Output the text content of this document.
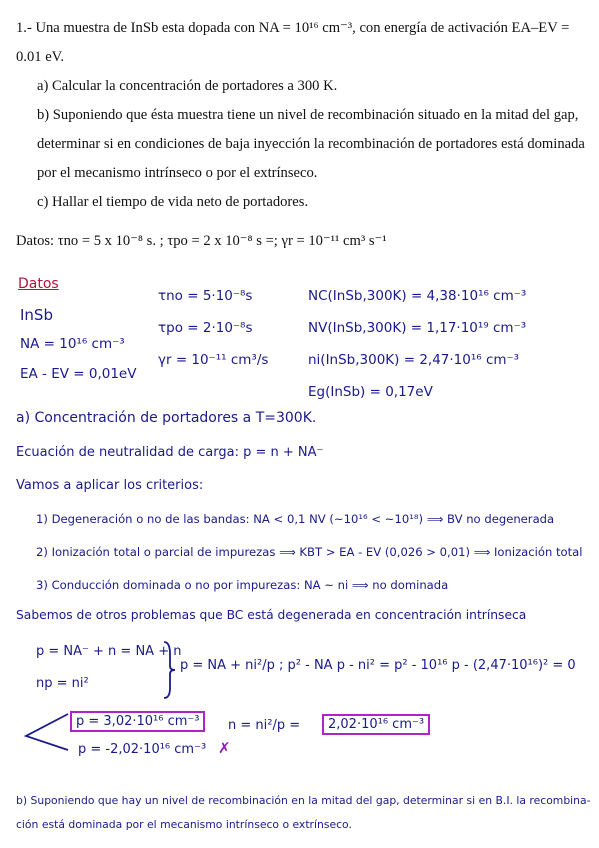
1.- Una muestra de InSb esta dopada con NA = 10¹⁶ cm⁻³, con energía de activación EA–EV = 0.01 eV.

a) Calcular la concentración de portadores a 300 K.

b) Suponiendo que ésta muestra tiene un nivel de recombinación situado en la mitad del gap, determinar si en condiciones de baja inyección la recombinación de portadores está dominada por el mecanismo intrínseco o por el extrínseco.

c) Hallar el tiempo de vida neto de portadores.

Datos: τno = 5 x 10⁻⁸ s. ; τpo = 2 x 10⁻⁸ s =; γr = 10⁻¹¹ cm³ s⁻¹
Datos
InSb
NA = 10¹⁶ cm⁻³
EA - EV = 0,01eV
τno = 5·10⁻⁸s
τpo = 2·10⁻⁸s
γr = 10⁻¹¹ cm³/s
NC(InSb,300K) = 4,38·10¹⁶ cm⁻³
NV(InSb,300K) = 1,17·10¹⁹ cm⁻³
ni(InSb,300K) = 2,47·10¹⁶ cm⁻³
Eg(InSb) = 0,17eV
a) Concentración de portadores a T=300K.
Ecuación de neutralidad de carga: p = n + NA⁻
Vamos a aplicar los criterios:
1) Degeneración o no de las bandas: NA < 0,1 NV (~10¹⁶ < ~10¹⁸) ⟹ BV no degenerada
2) Ionización total o parcial de impurezas ⟹ KBT > EA - EV (0,026 > 0,01) ⟹ Ionización total
3) Conducción dominada o no por impurezas: NA ~ ni ⟹ no dominada
Sabemos de otros problemas que BC está degenerada en concentración intrínseca
p = NA⁻ + n = NA + n
np = ni²
p = NA + ni²/p ; p² - NA p - ni² = p² - 10¹⁶ p - (2,47·10¹⁶)² = 0
p = 3,02·10¹⁶ cm⁻³
p = -2,02·10¹⁶ cm⁻³ ✗
n = ni²/p =	2,02·10¹⁶ cm⁻³
b) Suponiendo que hay un nivel de recombinación en la mitad del gap, determinar si en B.I. la recombina-
ción está dominada por el mecanismo intrínseco o extrínseco.
